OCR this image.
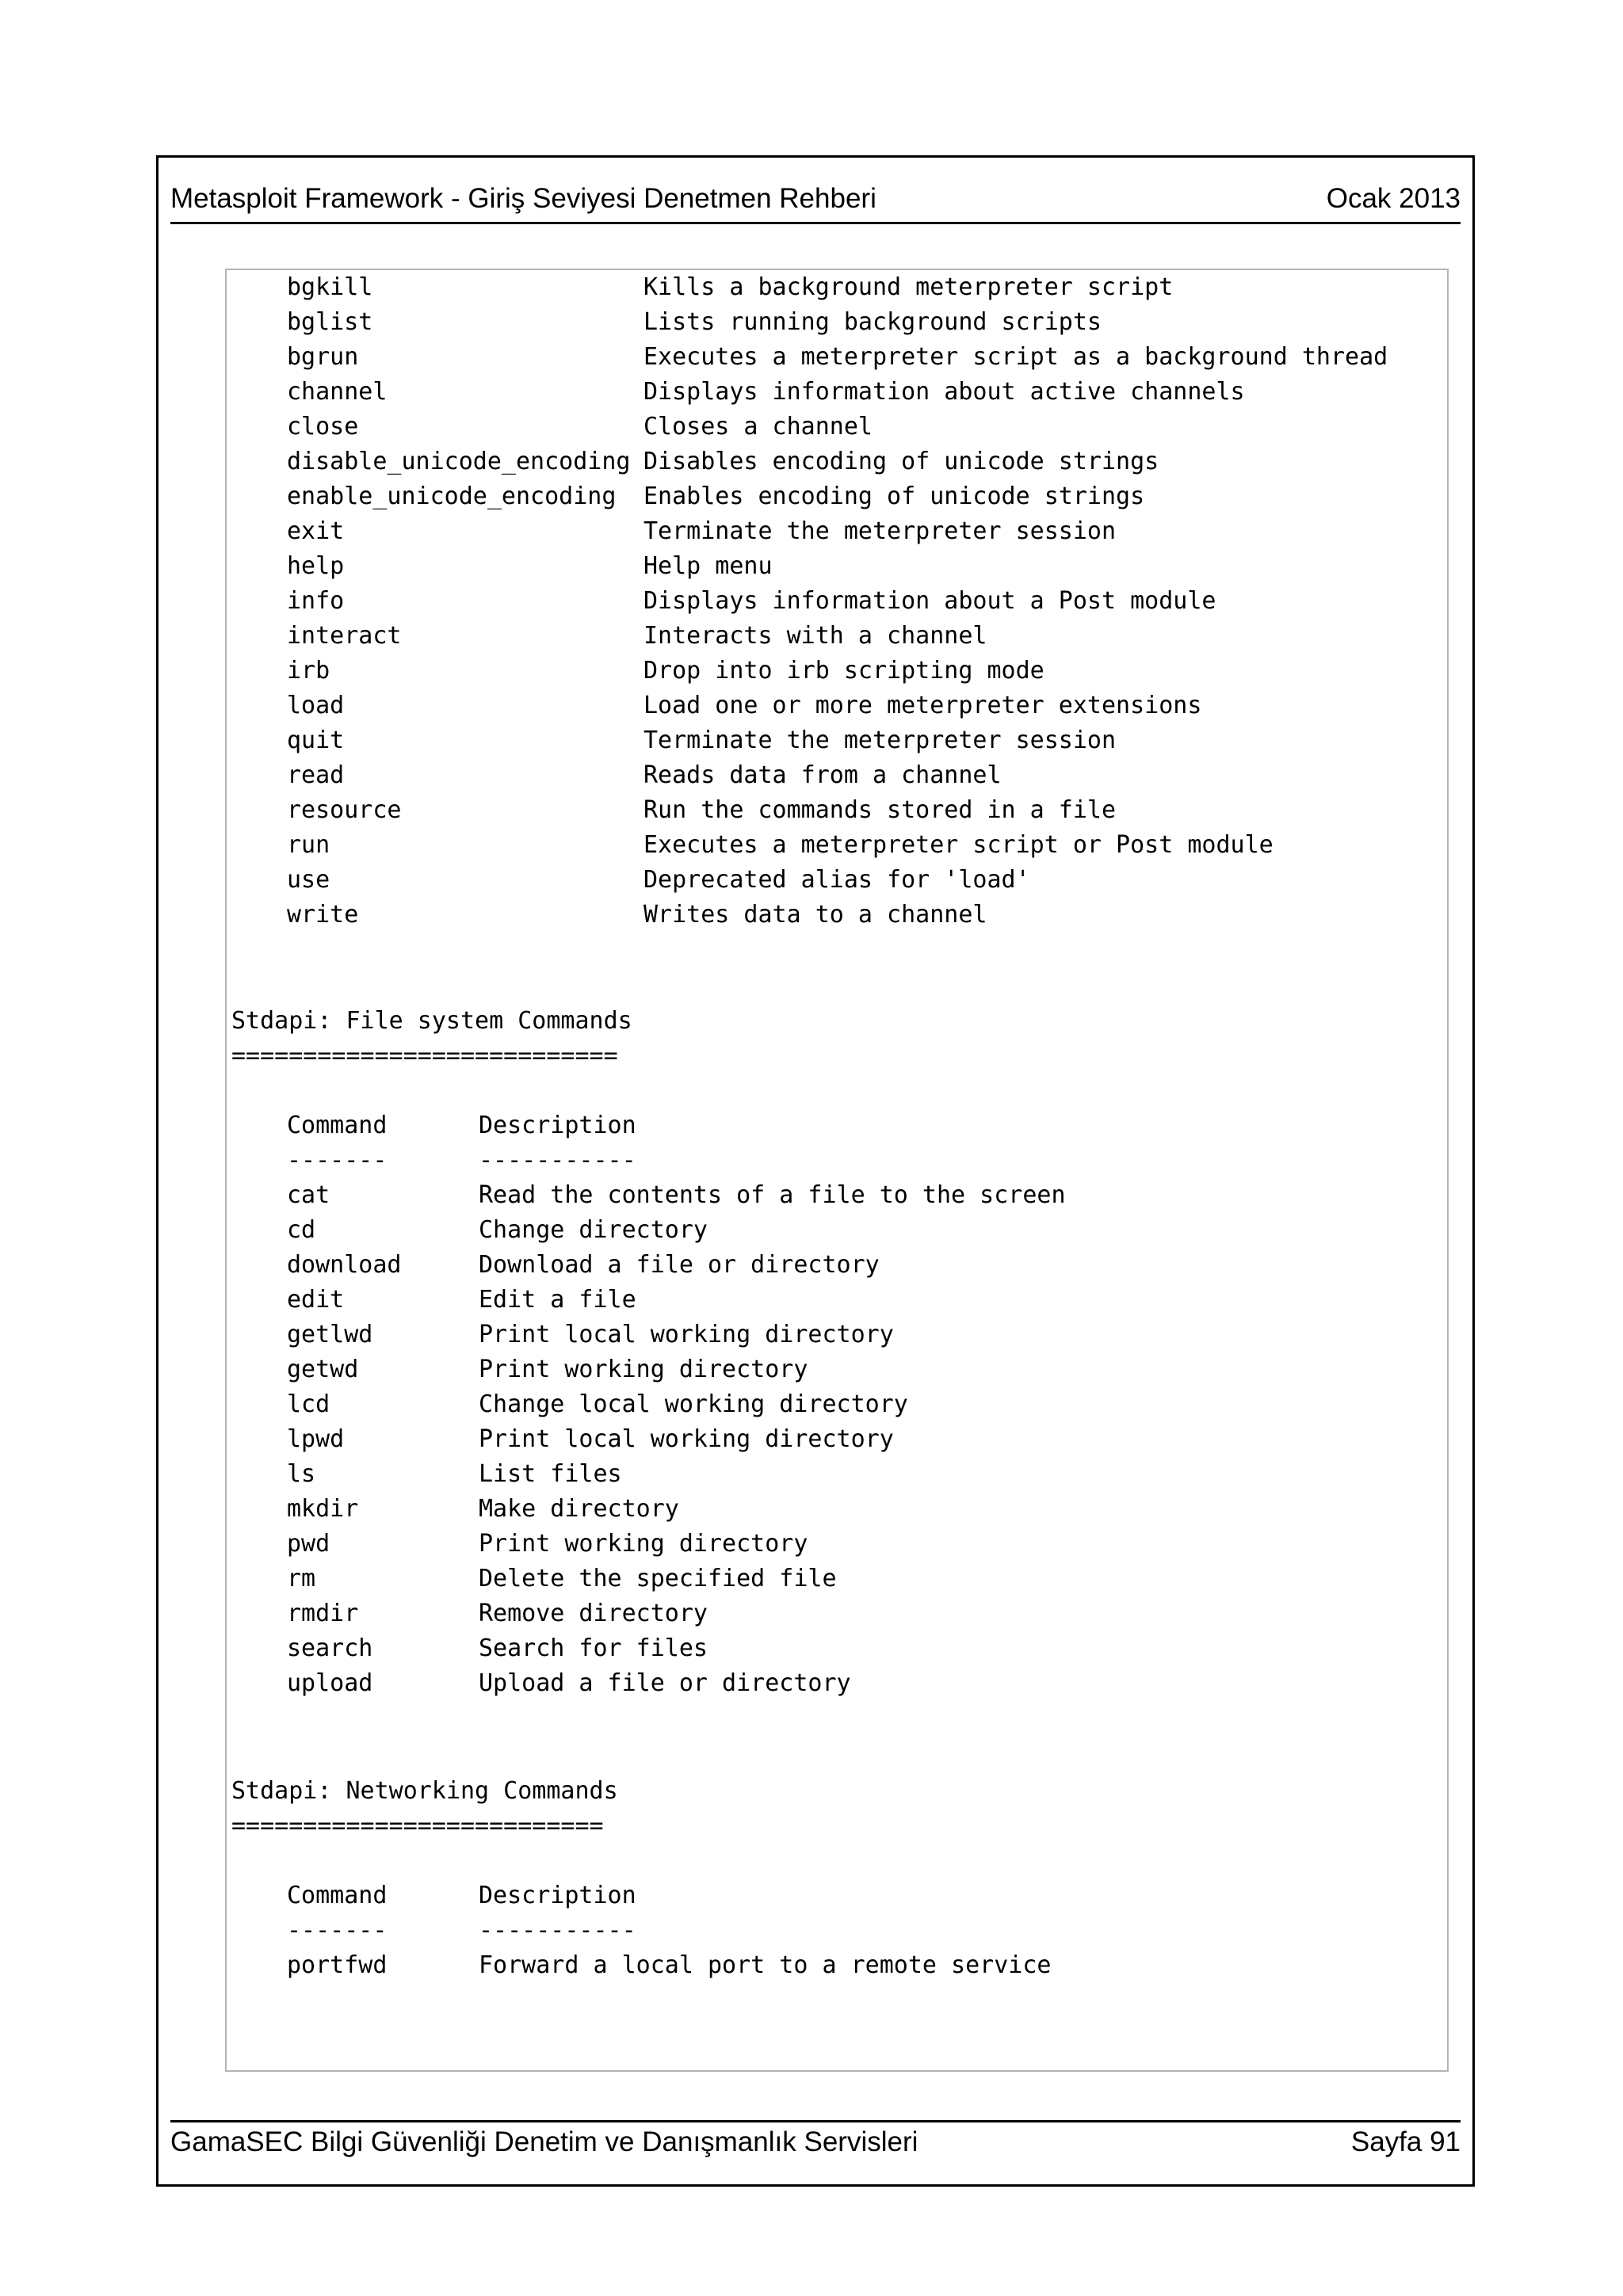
Metasploit Framework - Giriş Seviyesi Denetmen Rehberi	Ocak 2013
bgkill	Kills a background meterpreter script
bglist	Lists running background scripts
bgrun	Executes a meterpreter script as a background thread
channel	Displays information about active channels
close	Closes a channel
disable_unicode_encoding Disables encoding of unicode strings
enable_unicode_encoding Enables encoding of unicode strings
exit	Terminate the meterpreter session
help	Help menu
info	Displays information about a Post module
interact	Interacts with a channel
irb	Drop into irb scripting mode
load	Load one or more meterpreter extensions
quit	Terminate the meterpreter session
read	Reads data from a channel
resource	Run the commands stored in a file
run	Executes a meterpreter script or Post module
use	Deprecated alias for 'load'
write	Writes data to a channel
Stdapi: File system Commands
===========================
Command	Description
-------	-----------
cat	Read the contents of a file to the screen
cd	Change directory
download	Download a file or directory
edit	Edit a file
getlwd	Print local working directory
getwd	Print working directory
lcd	Change local working directory
lpwd	Print local working directory
ls	List files
mkdir	Make directory
pwd	Print working directory
rm	Delete the specified file
rmdir	Remove directory
search	Search for files
upload	Upload a file or directory
Stdapi: Networking Commands
==========================
Command	Description
-------	-----------
portfwd	Forward a local port to a remote service
GamaSEC Bilgi Güvenliği Denetim ve Danışmanlık Servisleri	Sayfa 91
